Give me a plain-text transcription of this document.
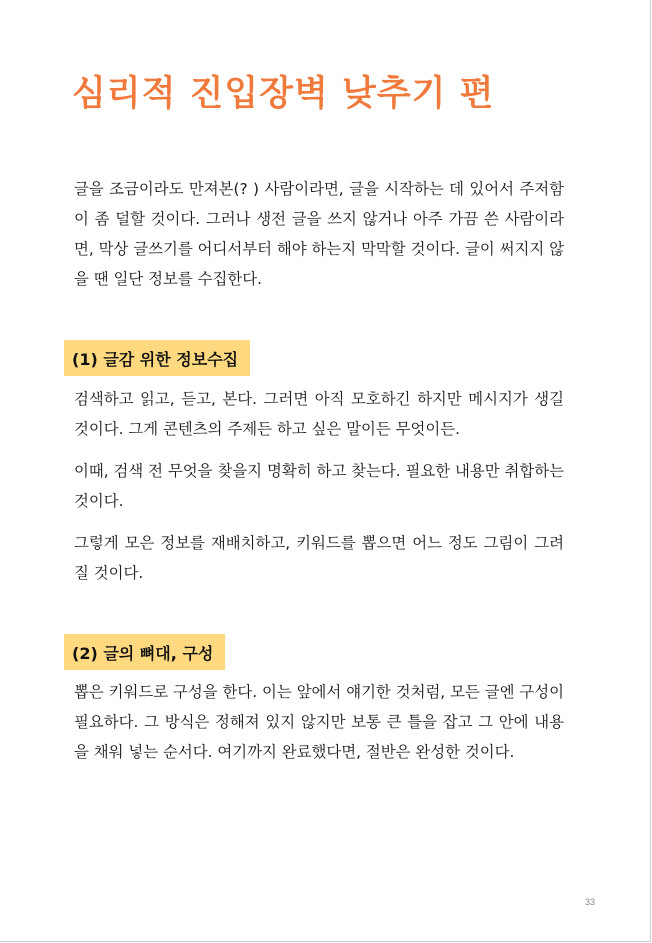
심리적 진입장벽 낮추기 편
글을 조금이라도 만져본(? ) 사람이라면, 글을 시작하는 데 있어서 주저함이 좀 덜할 것이다. 그러나 생전 글을 쓰지 않거나 아주 가끔 쓴 사람이라면, 막상 글쓰기를 어디서부터 해야 하는지 막막할 것이다. 글이 써지지 않을 땐 일단 정보를 수집한다.
(1) 글감 위한 정보수집
검색하고 읽고, 듣고, 본다. 그러면 아직 모호하긴 하지만 메시지가 생길 것이다. 그게 콘텐츠의 주제든 하고 싶은 말이든 무엇이든.
이때, 검색 전 무엇을 찾을지 명확히 하고 찾는다. 필요한 내용만 취합하는 것이다.
그렇게 모은 정보를 재배치하고, 키워드를 뽑으면 어느 정도 그림이 그려질 것이다.
(2) 글의 뼈대, 구성
뽑은 키워드로 구성을 한다. 이는 앞에서 얘기한 것처럼, 모든 글엔 구성이 필요하다. 그 방식은 정해져 있지 않지만 보통 큰 틀을 잡고 그 안에 내용을 채워 넣는 순서다. 여기까지 완료했다면, 절반은 완성한 것이다.
33
